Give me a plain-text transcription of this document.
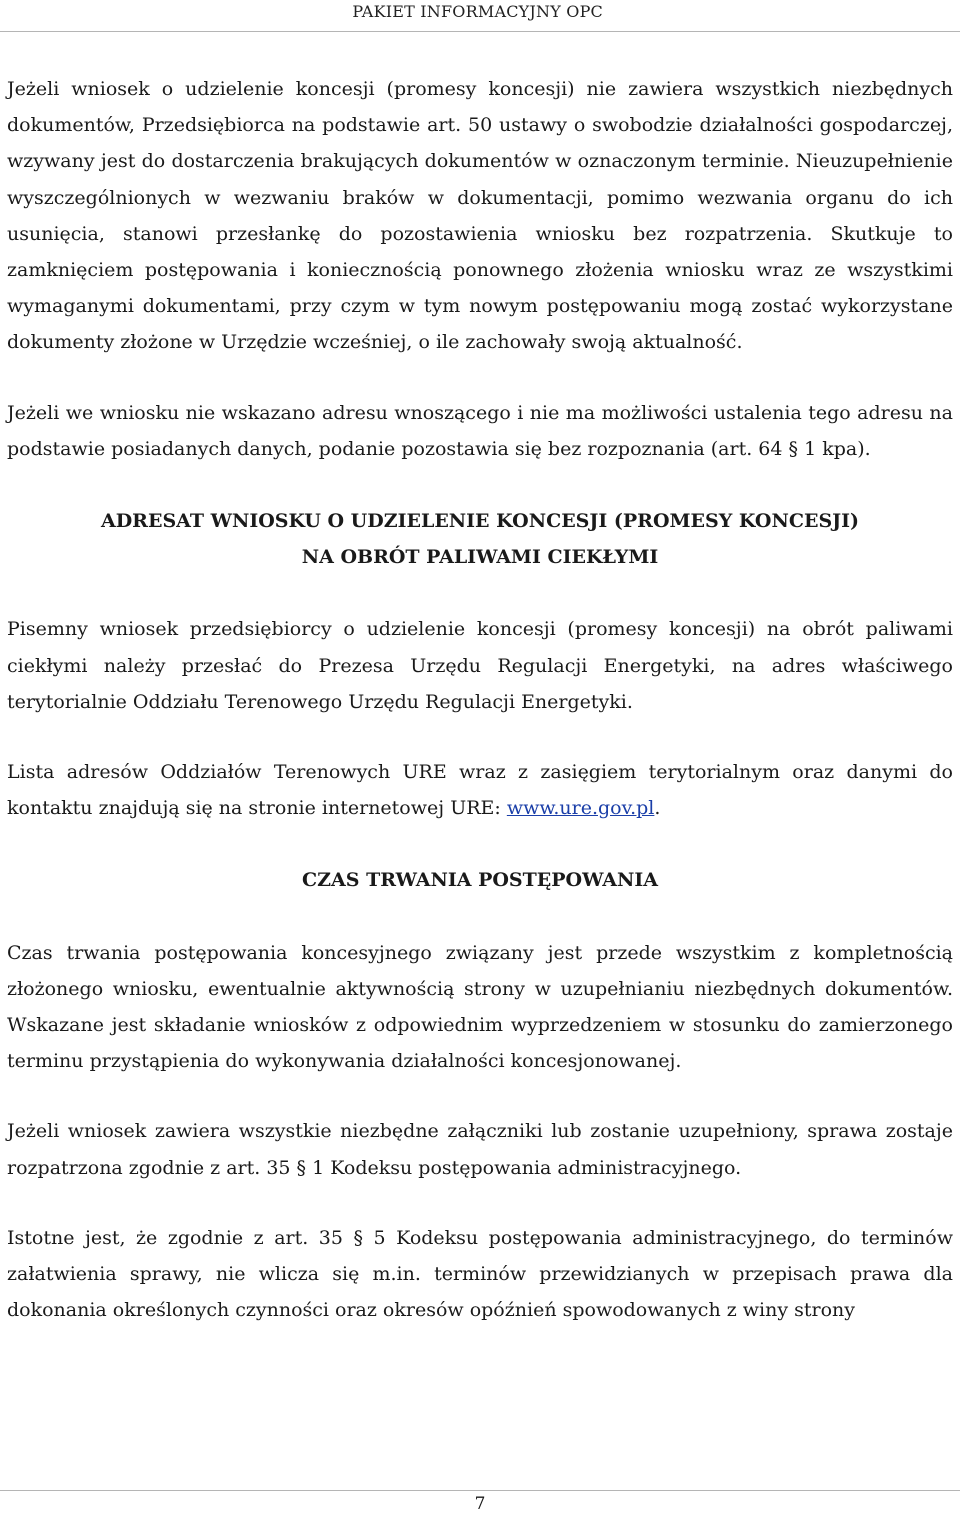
PAKIET INFORMACYJNY OPC

Jeżeli wniosek o udzielenie koncesji (promesy koncesji) nie zawiera wszystkich niezbędnych dokumentów, Przedsiębiorca na podstawie art. 50 ustawy o swobodzie działalności gospodarczej, wzywany jest do dostarczenia brakujących dokumentów w oznaczonym terminie. Nieuzupełnienie wyszczególnionych w wezwaniu braków w dokumentacji, pomimo wezwania organu do ich usunięcia, stanowi przesłankę do pozostawienia wniosku bez rozpatrzenia. Skutkuje to zamknięciem postępowania i koniecznością ponownego złożenia wniosku wraz ze wszystkimi wymaganymi dokumentami, przy czym w tym nowym postępowaniu mogą zostać wykorzystane dokumenty złożone w Urzędzie wcześniej, o ile zachowały swoją aktualność.

Jeżeli we wniosku nie wskazano adresu wnoszącego i nie ma możliwości ustalenia tego adresu na podstawie posiadanych danych, podanie pozostawia się bez rozpoznania (art. 64 § 1 kpa).

ADRESAT WNIOSKU O UDZIELENIE KONCESJI (PROMESY KONCESJI)
NA OBRÓT PALIWAMI CIEKŁYMI

Pisemny wniosek przedsiębiorcy o udzielenie koncesji (promesy koncesji) na obrót paliwami ciekłymi należy przesłać do Prezesa Urzędu Regulacji Energetyki, na adres właściwego terytorialnie Oddziału Terenowego Urzędu Regulacji Energetyki.

Lista adresów Oddziałów Terenowych URE wraz z zasięgiem terytorialnym oraz danymi do kontaktu znajdują się na stronie internetowej URE: www.ure.gov.pl.

CZAS TRWANIA POSTĘPOWANIA

Czas trwania postępowania koncesyjnego związany jest przede wszystkim z kompletnością złożonego wniosku, ewentualnie aktywnością strony w uzupełnianiu niezbędnych dokumentów. Wskazane jest składanie wniosków z odpowiednim wyprzedzeniem w stosunku do zamierzonego terminu przystąpienia do wykonywania działalności koncesjonowanej.

Jeżeli wniosek zawiera wszystkie niezbędne załączniki lub zostanie uzupełniony, sprawa zostaje rozpatrzona zgodnie z art. 35 § 1 Kodeksu postępowania administracyjnego.

Istotne jest, że zgodnie z art. 35 § 5 Kodeksu postępowania administracyjnego, do terminów załatwienia sprawy, nie wlicza się m.in. terminów przewidzianych w przepisach prawa dla dokonania określonych czynności oraz okresów opóźnień spowodowanych z winy strony

7
